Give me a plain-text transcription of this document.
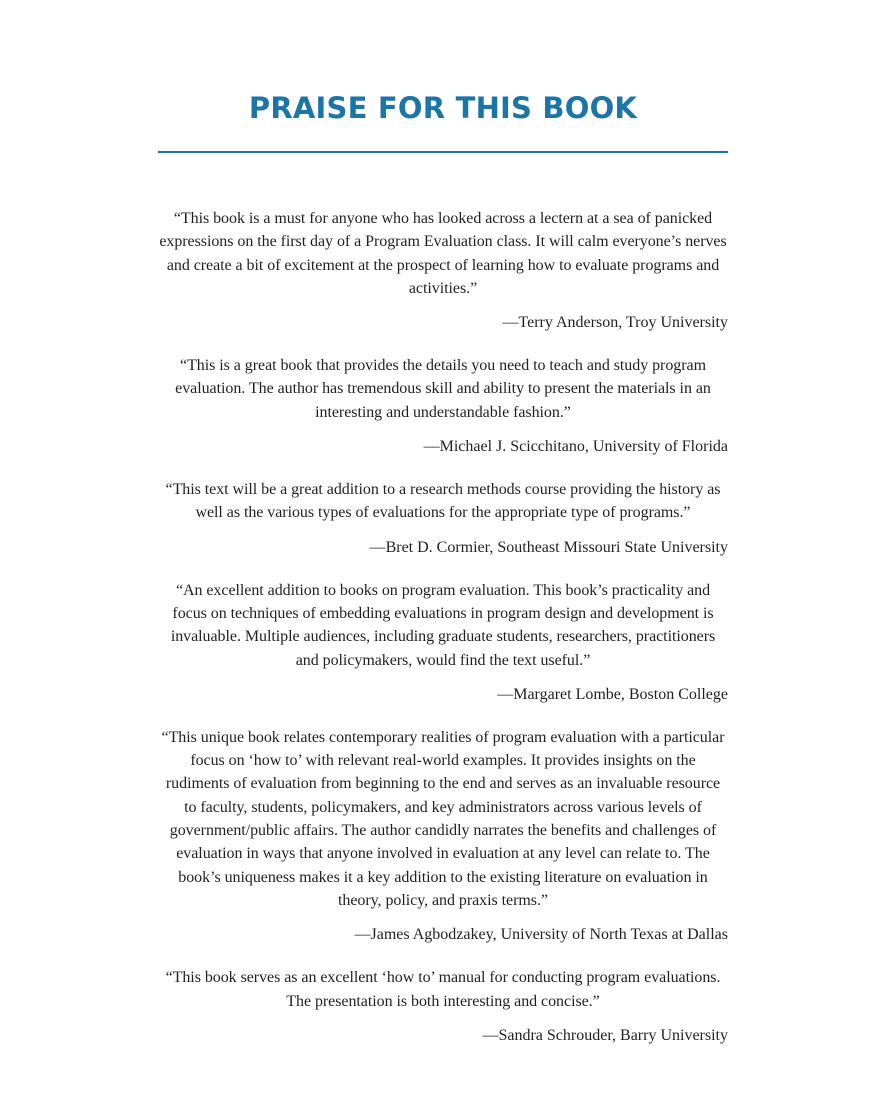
PRAISE FOR THIS BOOK

“This book is a must for anyone who has looked across a lectern at a sea of panicked expressions on the first day of a Program Evaluation class. It will calm everyone’s nerves and create a bit of excitement at the prospect of learning how to evaluate programs and activities.”

—Terry Anderson, Troy University

“This is a great book that provides the details you need to teach and study program evaluation. The author has tremendous skill and ability to present the materials in an interesting and understandable fashion.”

—Michael J. Scicchitano, University of Florida

“This text will be a great addition to a research methods course providing the history as well as the various types of evaluations for the appropriate type of programs.”

—Bret D. Cormier, Southeast Missouri State University

“An excellent addition to books on program evaluation. This book’s practicality and focus on techniques of embedding evaluations in program design and development is invaluable. Multiple audiences, including graduate students, researchers, practitioners and policymakers, would find the text useful.”

—Margaret Lombe, Boston College

“This unique book relates contemporary realities of program evaluation with a particular focus on ‘how to’ with relevant real-world examples. It provides insights on the rudiments of evaluation from beginning to the end and serves as an invaluable resource to faculty, students, policymakers, and key administrators across various levels of government/public affairs. The author candidly narrates the benefits and challenges of evaluation in ways that anyone involved in evaluation at any level can relate to. The book’s uniqueness makes it a key addition to the existing literature on evaluation in theory, policy, and praxis terms.”

—James Agbodzakey, University of North Texas at Dallas

“This book serves as an excellent ‘how to’ manual for conducting program evaluations. The presentation is both interesting and concise.”

—Sandra Schrouder, Barry University
